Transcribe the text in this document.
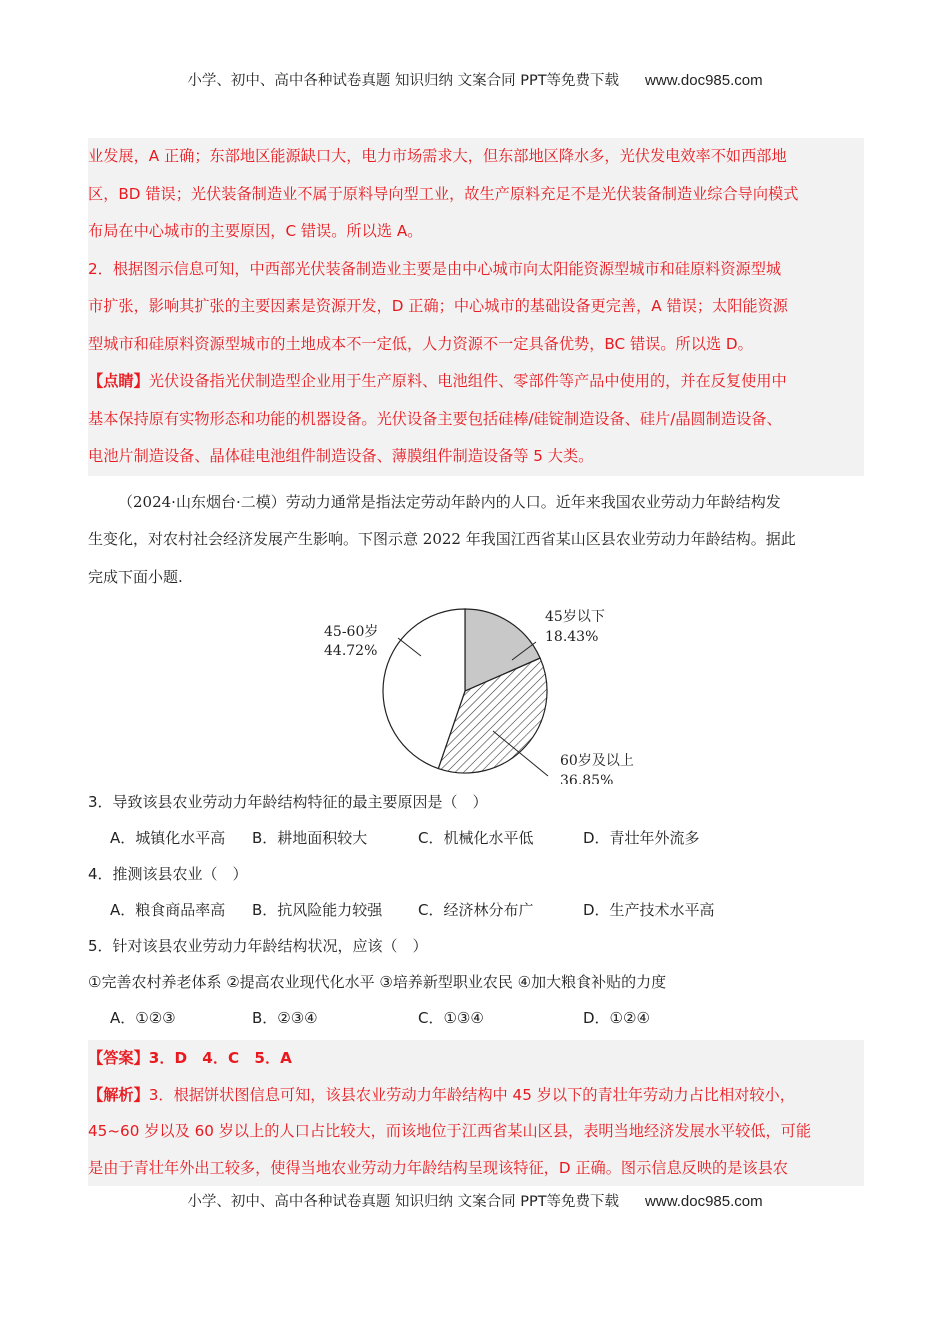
小学、初中、高中各种试卷真题 知识归纳 文案合同 PPT等免费下载 www.doc985.com
业发展，A 正确；东部地区能源缺口大，电力市场需求大，但东部地区降水多，光伏发电效率不如西部地
区，BD 错误；光伏装备制造业不属于原料导向型工业，故生产原料充足不是光伏装备制造业综合导向模式
布局在中心城市的主要原因，C 错误。所以选 A。
2．根据图示信息可知，中西部光伏装备制造业主要是由中心城市向太阳能资源型城市和硅原料资源型城
市扩张，影响其扩张的主要因素是资源开发，D 正确；中心城市的基础设备更完善，A 错误；太阳能资源
型城市和硅原料资源型城市的土地成本不一定低，人力资源不一定具备优势，BC 错误。所以选 D。
【点睛】光伏设备指光伏制造型企业用于生产原料、电池组件、零部件等产品中使用的，并在反复使用中
基本保持原有实物形态和功能的机器设备。光伏设备主要包括硅棒/硅锭制造设备、硅片/晶圆制造设备、
电池片制造设备、晶体硅电池组件制造设备、薄膜组件制造设备等 5 大类。
（2024·山东烟台·二模）劳动力通常是指法定劳动年龄内的人口。近年来我国农业劳动力年龄结构发
生变化，对农村社会经济发展产生影响。下图示意 2022 年我国江西省某山区县农业劳动力年龄结构。据此
完成下面小题.
45-60岁
44.72%
45岁以下
18.43%
60岁及以上
36.85%
3．导致该县农业劳动力年龄结构特征的最主要原因是（　）
A．城镇化水平高	B．耕地面积较大	C．机械化水平低	D．青壮年外流多
4．推测该县农业（　）
A．粮食商品率高	B．抗风险能力较强	C．经济林分布广	D．生产技术水平高
5．针对该县农业劳动力年龄结构状况，应该（　）
①完善农村养老体系 ②提高农业现代化水平 ③培养新型职业农民 ④加大粮食补贴的力度
A．①②③	B．②③④	C．①③④	D．①②④
【答案】3．D　4．C　5．A
【解析】3．根据饼状图信息可知，该县农业劳动力年龄结构中 45 岁以下的青壮年劳动力占比相对较小，
45~60 岁以及 60 岁以上的人口占比较大，而该地位于江西省某山区县，表明当地经济发展水平较低，可能
是由于青壮年外出工较多，使得当地农业劳动力年龄结构呈现该特征，D 正确。图示信息反映的是该县农
小学、初中、高中各种试卷真题 知识归纳 文案合同 PPT等免费下载 www.doc985.com
